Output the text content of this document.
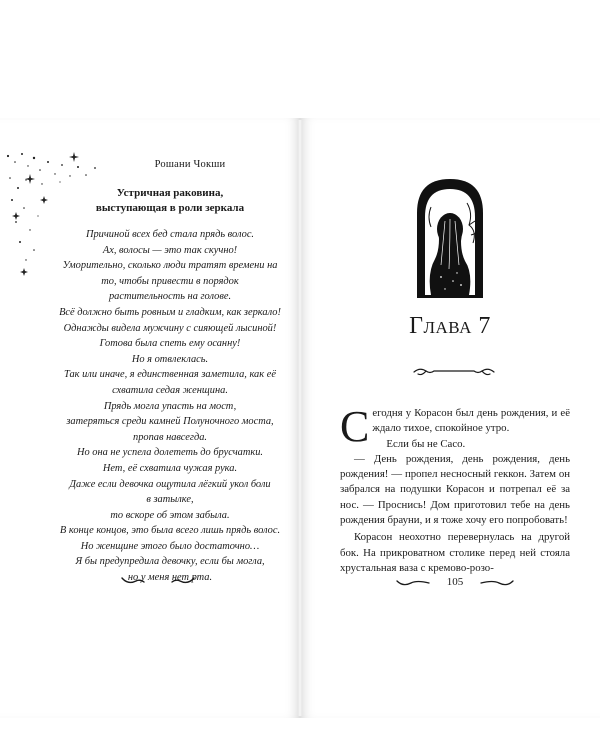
Рошани Чокши
Устричная раковина,
выступающая в роли зеркала
Причиной всех бед стала прядь волос.
Ах, волосы — это так скучно!
Уморительно, сколько люди тратят времени на
то, чтобы привести в порядок
растительность на голове.
Всё должно быть ровным и гладким, как зеркало!
Однажды видела мужчину с сияющей лысиной!
Готова была спеть ему осанну!
Но я отвлеклась.
Так или иначе, я единственная заметила, как её
схватила седая женщина.
Прядь могла упасть на мост,
затеряться среди камней Полуночного моста,
пропав навсегда.
Но она не успела долететь до брусчатки.
Нет, её схватила чужая рука.
Даже если девочка ощутила лёгкий укол боли
в затылке,
то вскоре об этом забыла.
В конце концов, это была всего лишь прядь волос.
Но женщине этого было достаточно…
Я бы предупредила девочку, если бы могла,
но у меня нет рта.
Глава 7

Сегодня у Корасон был день рождения, и её ждало тихое, спокойное утро.

Если бы не Сасо.

— День рождения, день рождения, день рождения! — пропел несносный геккон. Затем он забрался на подушки Корасон и потрепал её за нос. — Проснись! Дом приготовил тебе на день рождения брауни, и я тоже хочу его попробовать!

Корасон неохотно перевернулась на другой бок. На прикроватном столике перед ней стояла хрустальная ваза с кремово-розо-

105
